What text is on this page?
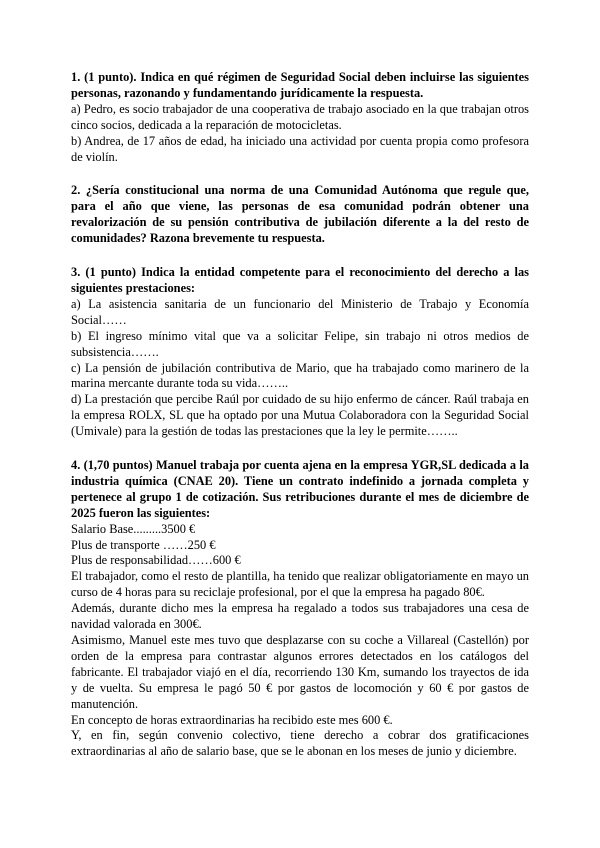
1. (1 punto). Indica en qué régimen de Seguridad Social deben incluirse las siguientes personas, razonando y fundamentando jurídicamente la respuesta.

a) Pedro, es socio trabajador de una cooperativa de trabajo asociado en la que trabajan otros cinco socios, dedicada a la reparación de motocicletas.

b) Andrea, de 17 años de edad, ha iniciado una actividad por cuenta propia como profesora de violín.

2. ¿Sería constitucional una norma de una Comunidad Autónoma que regule que, para el año que viene, las personas de esa comunidad podrán obtener una revalorización de su pensión contributiva de jubilación diferente a la del resto de comunidades? Razona brevemente tu respuesta.
3. (1 punto) Indica la entidad competente para el reconocimiento del derecho a las siguientes prestaciones:

a) La asistencia sanitaria de un funcionario del Ministerio de Trabajo y Economía Social……

b) El ingreso mínimo vital que va a solicitar Felipe, sin trabajo ni otros medios de subsistencia…….

c) La pensión de jubilación contributiva de Mario, que ha trabajado como marinero de la marina mercante durante toda su vida……..

d) La prestación que percibe Raúl por cuidado de su hijo enfermo de cáncer. Raúl trabaja en la empresa ROLX, SL que ha optado por una Mutua Colaboradora con la Seguridad Social (Umivale) para la gestión de todas las prestaciones que la ley le permite……..

4. (1,70 puntos) Manuel trabaja por cuenta ajena en la empresa YGR,SL dedicada a la industria química (CNAE 20). Tiene un contrato indefinido a jornada completa y pertenece al grupo 1 de cotización. Sus retribuciones durante el mes de diciembre de 2025 fueron las siguientes:

Salario Base.........3500 €

Plus de transporte ……250 €

Plus de responsabilidad……600 €

El trabajador, como el resto de plantilla, ha tenido que realizar obligatoriamente en mayo un curso de 4 horas para su reciclaje profesional, por el que la empresa ha pagado 80€.

Además, durante dicho mes la empresa ha regalado a todos sus trabajadores una cesa de navidad valorada en 300€.

Asimismo, Manuel este mes tuvo que desplazarse con su coche a Villareal (Castellón) por orden de la empresa para contrastar algunos errores detectados en los catálogos del fabricante. El trabajador viajó en el día, recorriendo 130 Km, sumando los trayectos de ida y de vuelta. Su empresa le pagó 50 € por gastos de locomoción y 60 € por gastos de manutención.

En concepto de horas extraordinarias ha recibido este mes 600 €.

Y, en fin, según convenio colectivo, tiene derecho a cobrar dos gratificaciones extraordinarias al año de salario base, que se le abonan en los meses de junio y diciembre.
